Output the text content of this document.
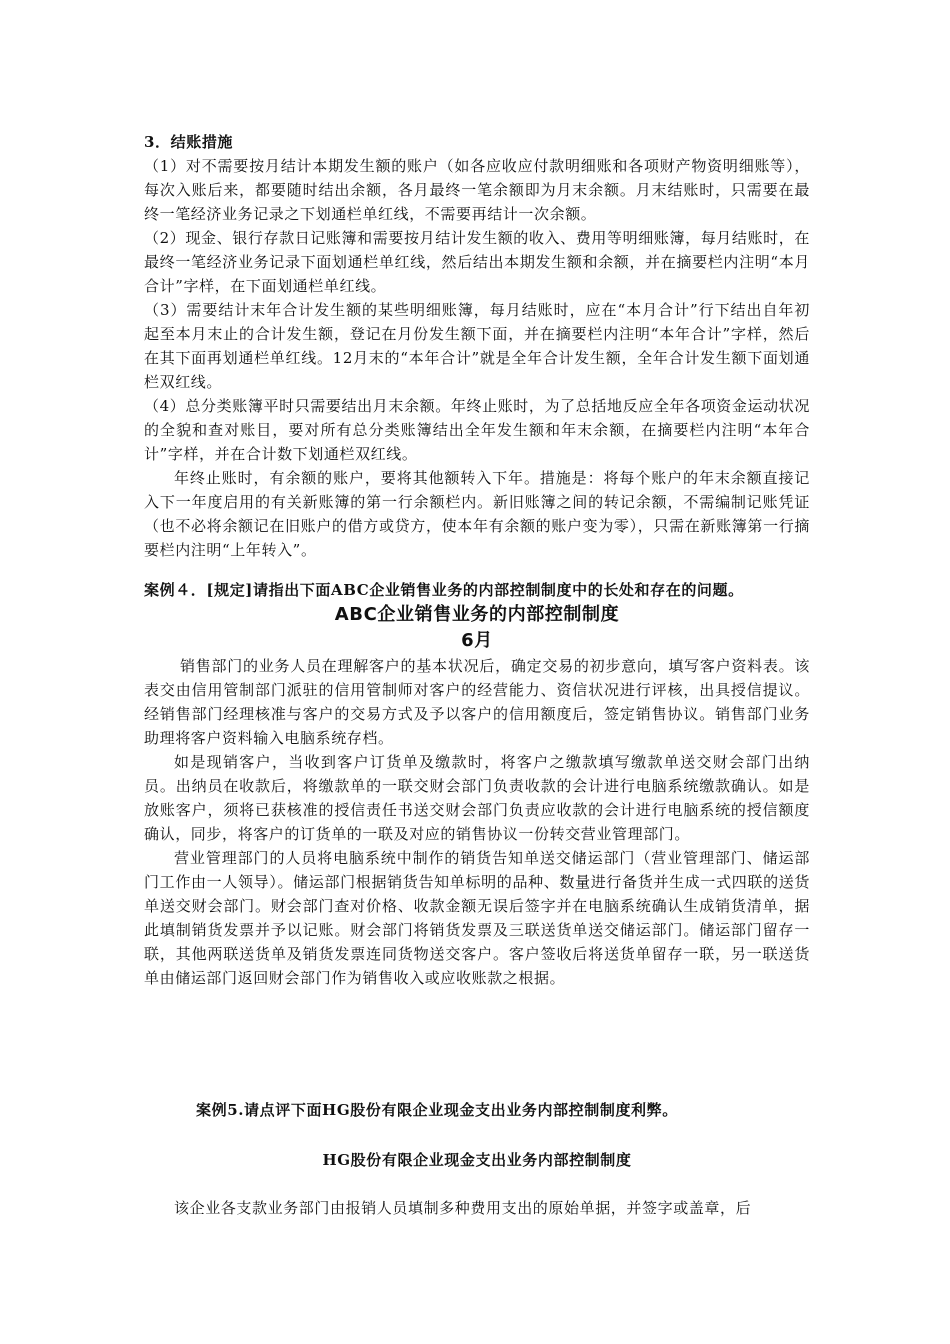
3．结账措施

（1）对不需要按月结计本期发生额的账户（如各应收应付款明细账和各项财产物资明细账等），每次入账后来，都要随时结出余额，各月最终一笔余额即为月末余额。月末结账时，只需要在最终一笔经济业务记录之下划通栏单红线，不需要再结计一次余额。

（2）现金、银行存款日记账簿和需要按月结计发生额的收入、费用等明细账簿，每月结账时，在最终一笔经济业务记录下面划通栏单红线，然后结出本期发生额和余额，并在摘要栏内注明“本月合计”字样，在下面划通栏单红线。

（3）需要结计末年合计发生额的某些明细账簿，每月结账时，应在“本月合计”行下结出自年初起至本月末止的合计发生额，登记在月份发生额下面，并在摘要栏内注明“本年合计”字样，然后在其下面再划通栏单红线。12月末的“本年合计”就是全年合计发生额，全年合计发生额下面划通栏双红线。

（4）总分类账簿平时只需要结出月末余额。年终止账时，为了总括地反应全年各项资金运动状况的全貌和查对账目，要对所有总分类账簿结出全年发生额和年末余额，在摘要栏内注明“本年合计”字样，并在合计数下划通栏双红线。

年终止账时，有余额的账户，要将其他额转入下年。措施是：将每个账户的年末余额直接记入下一年度启用的有关新账簿的第一行余额栏内。新旧账簿之间的转记余额，不需编制记账凭证（也不必将余额记在旧账户的借方或贷方，使本年有余额的账户变为零），只需在新账簿第一行摘要栏内注明“上年转入”。

案例４．[规定]请指出下面ABC企业销售业务的内部控制制度中的长处和存在的问题。

ABC企业销售业务的内部控制制度

6月

销售部门的业务人员在理解客户的基本状况后，确定交易的初步意向，填写客户资料表。该表交由信用管制部门派驻的信用管制师对客户的经营能力、资信状况进行评核，出具授信提议。经销售部门经理核准与客户的交易方式及予以客户的信用额度后，签定销售协议。销售部门业务助理将客户资料输入电脑系统存档。

如是现销客户，当收到客户订货单及缴款时，将客户之缴款填写缴款单送交财会部门出纳员。出纳员在收款后，将缴款单的一联交财会部门负责收款的会计进行电脑系统缴款确认。如是放账客户，须将已获核准的授信责任书送交财会部门负责应收款的会计进行电脑系统的授信额度确认，同步，将客户的订货单的一联及对应的销售协议一份转交营业管理部门。

营业管理部门的人员将电脑系统中制作的销货告知单送交储运部门（营业管理部门、储运部门工作由一人领导）。储运部门根据销货告知单标明的品种、数量进行备货并生成一式四联的送货单送交财会部门。财会部门查对价格、收款金额无误后签字并在电脑系统确认生成销货清单，据此填制销货发票并予以记账。财会部门将销货发票及三联送货单送交储运部门。储运部门留存一联，其他两联送货单及销货发票连同货物送交客户。客户签收后将送货单留存一联，另一联送货单由储运部门返回财会部门作为销售收入或应收账款之根据。

案例5.请点评下面HG股份有限企业现金支出业务内部控制制度利弊。

HG股份有限企业现金支出业务内部控制制度

该企业各支款业务部门由报销人员填制多种费用支出的原始单据，并签字或盖章，后
